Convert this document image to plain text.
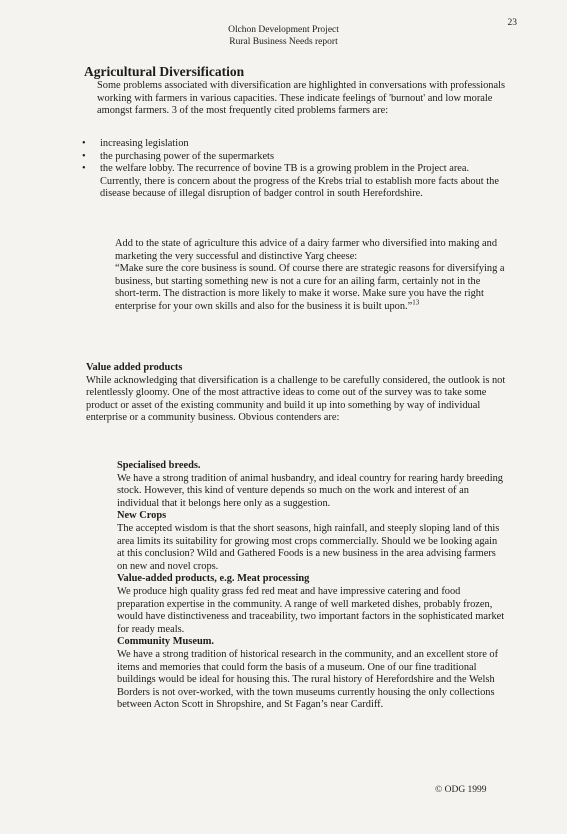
Olchon Development Project
Rural Business Needs report
23
Agricultural Diversification

Some problems associated with diversification are highlighted in conversations with professionals working with farmers in various capacities. These indicate feelings of 'burnout' and low morale amongst farmers. 3 of the most frequently cited problems farmers are:

• increasing legislation
• the purchasing power of the supermarkets
• the welfare lobby. The recurrence of bovine TB is a growing problem in the Project area. Currently, there is concern about the progress of the Krebs trial to establish more facts about the disease because of illegal disruption of badger control in south Herefordshire.

Add to the state of agriculture this advice of a dairy farmer who diversified into making and marketing the very successful and distinctive Yarg cheese:

“Make sure the core business is sound. Of course there are strategic reasons for diversifying a business, but starting something new is not a cure for an ailing farm, certainly not in the short-term. The distraction is more likely to make it worse. Make sure you have the right enterprise for your own skills and also for the business it is built upon.”$^{13}$

Value added products

While acknowledging that diversification is a challenge to be carefully considered, the outlook is not relentlessly gloomy. One of the most attractive ideas to come out of the survey was to take some product or asset of the existing community and build it up into something by way of individual enterprise or a community business. Obvious contenders are:

Specialised breeds.

We have a strong tradition of animal husbandry, and ideal country for rearing hardy breeding stock. However, this kind of venture depends so much on the work and interest of an individual that it belongs here only as a suggestion.

New Crops

The accepted wisdom is that the short seasons, high rainfall, and steeply sloping land of this area limits its suitability for growing most crops commercially. Should we be looking again at this conclusion? Wild and Gathered Foods is a new business in the area advising farmers on new and novel crops.

Value-added products, e.g. Meat processing

We produce high quality grass fed red meat and have impressive catering and food preparation expertise in the community. A range of well marketed dishes, probably frozen, would have distinctiveness and traceability, two important factors in the sophisticated market for ready meals.

Community Museum.

We have a strong tradition of historical research in the community, and an excellent store of items and memories that could form the basis of a museum. One of our fine traditional buildings would be ideal for housing this. The rural history of Herefordshire and the Welsh Borders is not over-worked, with the town museums currently housing the only collections between Acton Scott in Shropshire, and St Fagan’s near Cardiff.

© ODG 1999
